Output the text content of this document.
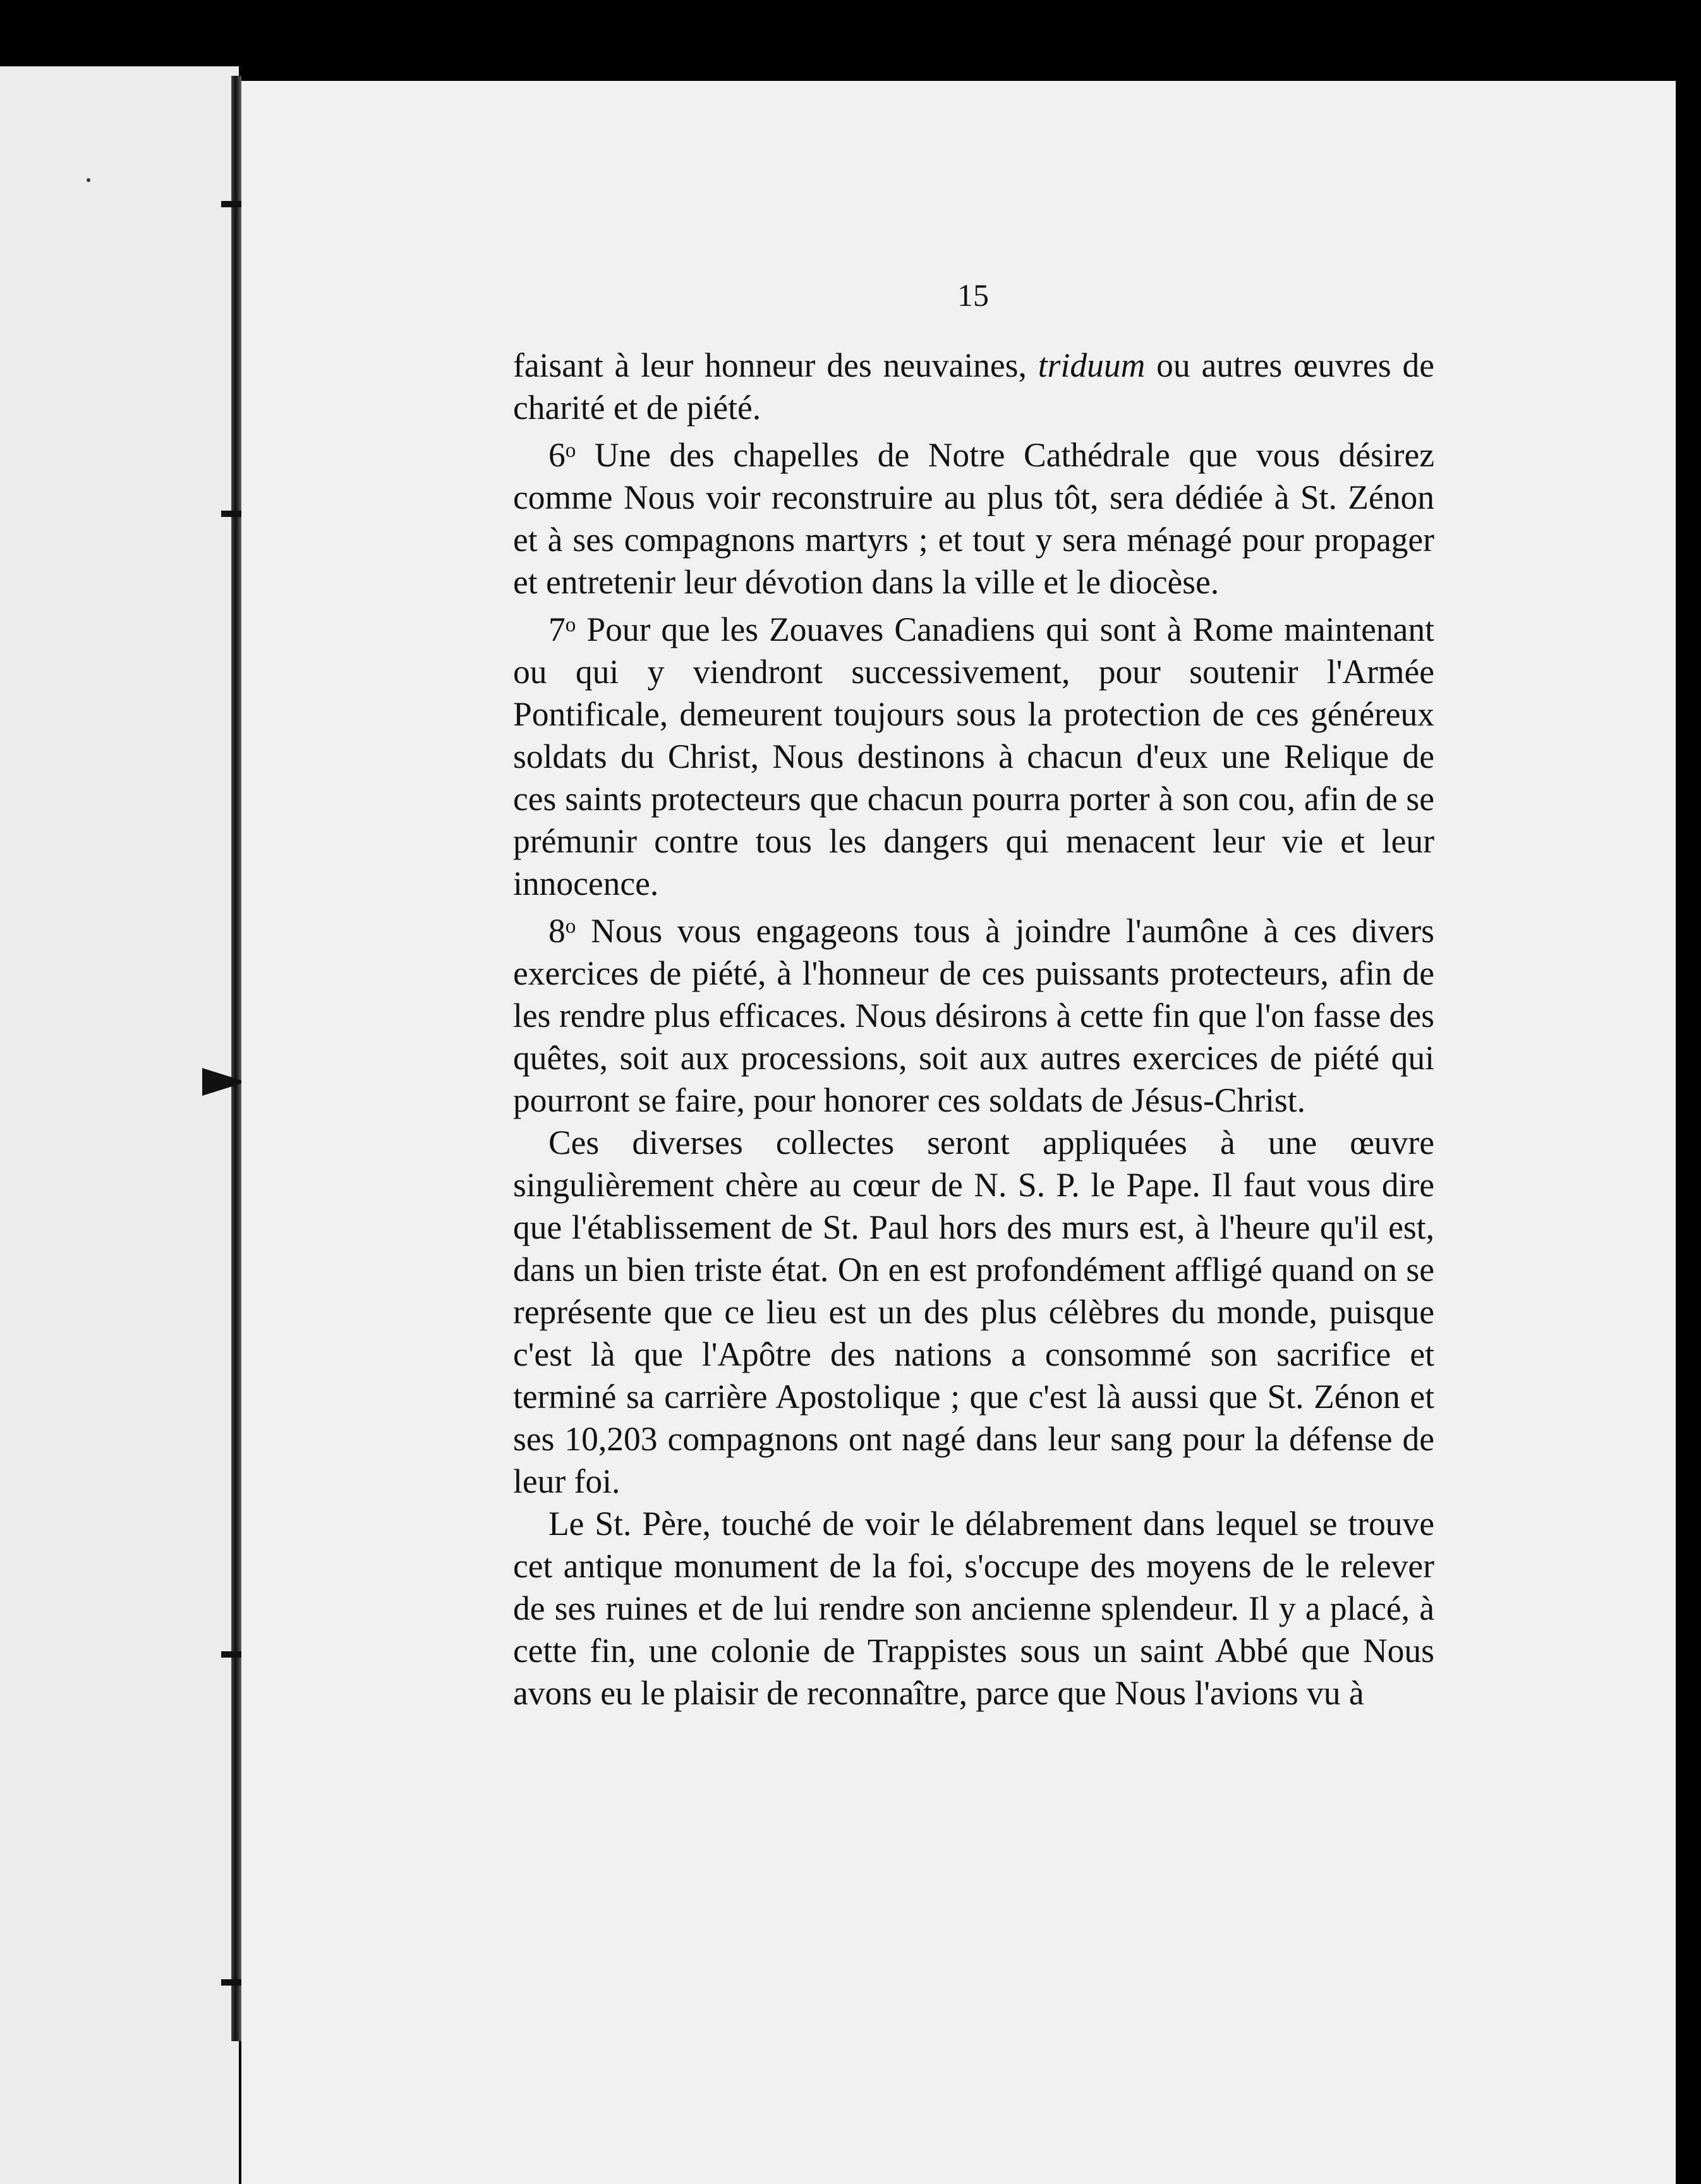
15

faisant à leur honneur des neuvaines, triduum ou autres œuvres de charité et de piété.

6$^o$ Une des chapelles de Notre Cathédrale que vous désirez comme Nous voir reconstruire au plus tôt, sera dédiée à St. Zénon et à ses compagnons martyrs ; et tout y sera ménagé pour propager et entretenir leur dévotion dans la ville et le diocèse.

7$^o$ Pour que les Zouaves Canadiens qui sont à Rome maintenant ou qui y viendront successivement, pour soutenir l'Armée Pontificale, demeurent toujours sous la protection de ces généreux soldats du Christ, Nous destinons à chacun d'eux une Relique de ces saints protecteurs que chacun pourra porter à son cou, afin de se prémunir contre tous les dangers qui menacent leur vie et leur innocence.

8$^o$ Nous vous engageons tous à joindre l'aumône à ces divers exercices de piété, à l'honneur de ces puissants protecteurs, afin de les rendre plus efficaces. Nous désirons à cette fin que l'on fasse des quêtes, soit aux processions, soit aux autres exercices de piété qui pourront se faire, pour honorer ces soldats de Jésus-Christ.

Ces diverses collectes seront appliquées à une œuvre singulièrement chère au cœur de N. S. P. le Pape. Il faut vous dire que l'établissement de St. Paul hors des murs est, à l'heure qu'il est, dans un bien triste état. On en est profondément affligé quand on se représente que ce lieu est un des plus célèbres du monde, puisque c'est là que l'Apôtre des nations a consommé son sacrifice et terminé sa carrière Apostolique ; que c'est là aussi que St. Zénon et ses 10,203 compagnons ont nagé dans leur sang pour la défense de leur foi.

Le St. Père, touché de voir le délabrement dans lequel se trouve cet antique monument de la foi, s'occupe des moyens de le relever de ses ruines et de lui rendre son ancienne splendeur. Il y a placé, à cette fin, une colonie de Trappistes sous un saint Abbé que Nous avons eu le plaisir de reconnaître, parce que Nous l'avions vu à
